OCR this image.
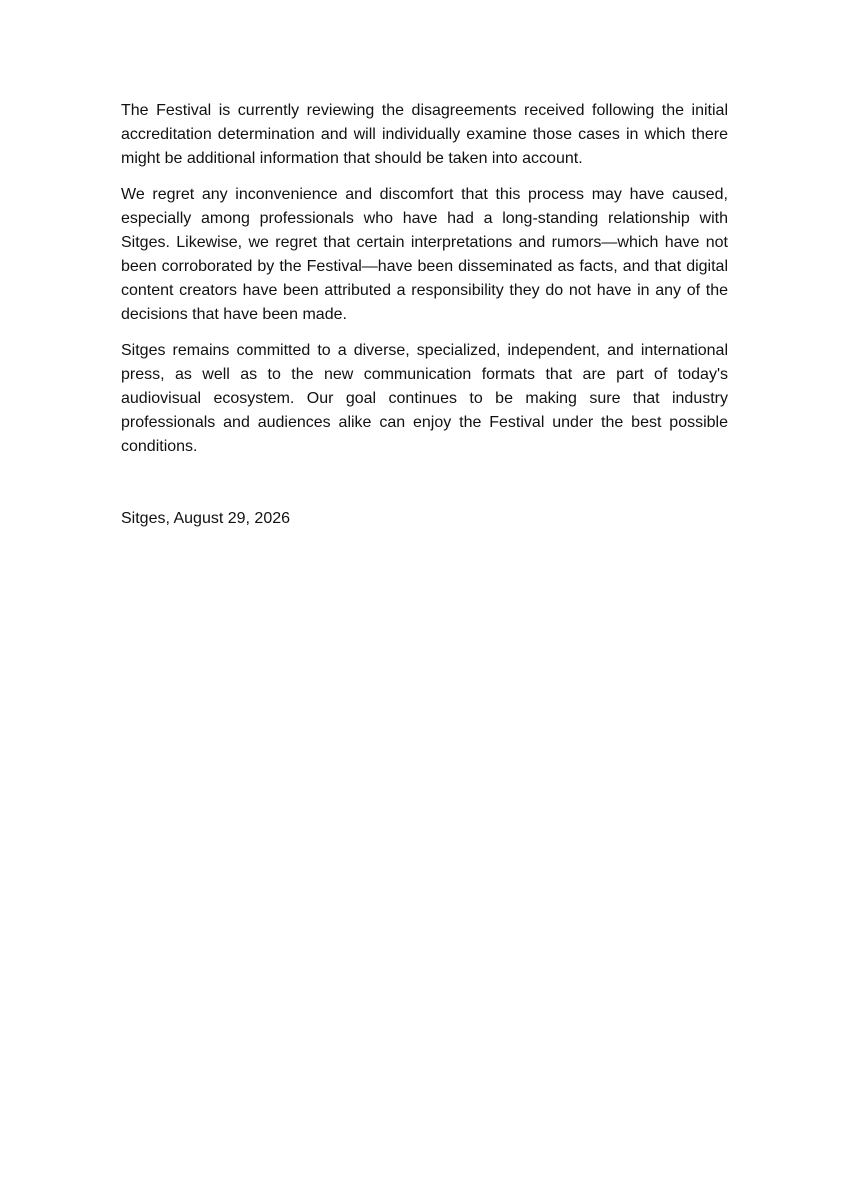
The Festival is currently reviewing the disagreements received following the initial accreditation determination and will individually examine those cases in which there might be additional information that should be taken into account.

We regret any inconvenience and discomfort that this process may have caused, especially among professionals who have had a long-standing relationship with Sitges. Likewise, we regret that certain interpretations and rumors—which have not been corroborated by the Festival—have been disseminated as facts, and that digital content creators have been attributed a responsibility they do not have in any of the decisions that have been made.

Sitges remains committed to a diverse, specialized, independent, and international press, as well as to the new communication formats that are part of today's audiovisual ecosystem. Our goal continues to be making sure that industry professionals and audiences alike can enjoy the Festival under the best possible conditions.

Sitges, August 29, 2026
